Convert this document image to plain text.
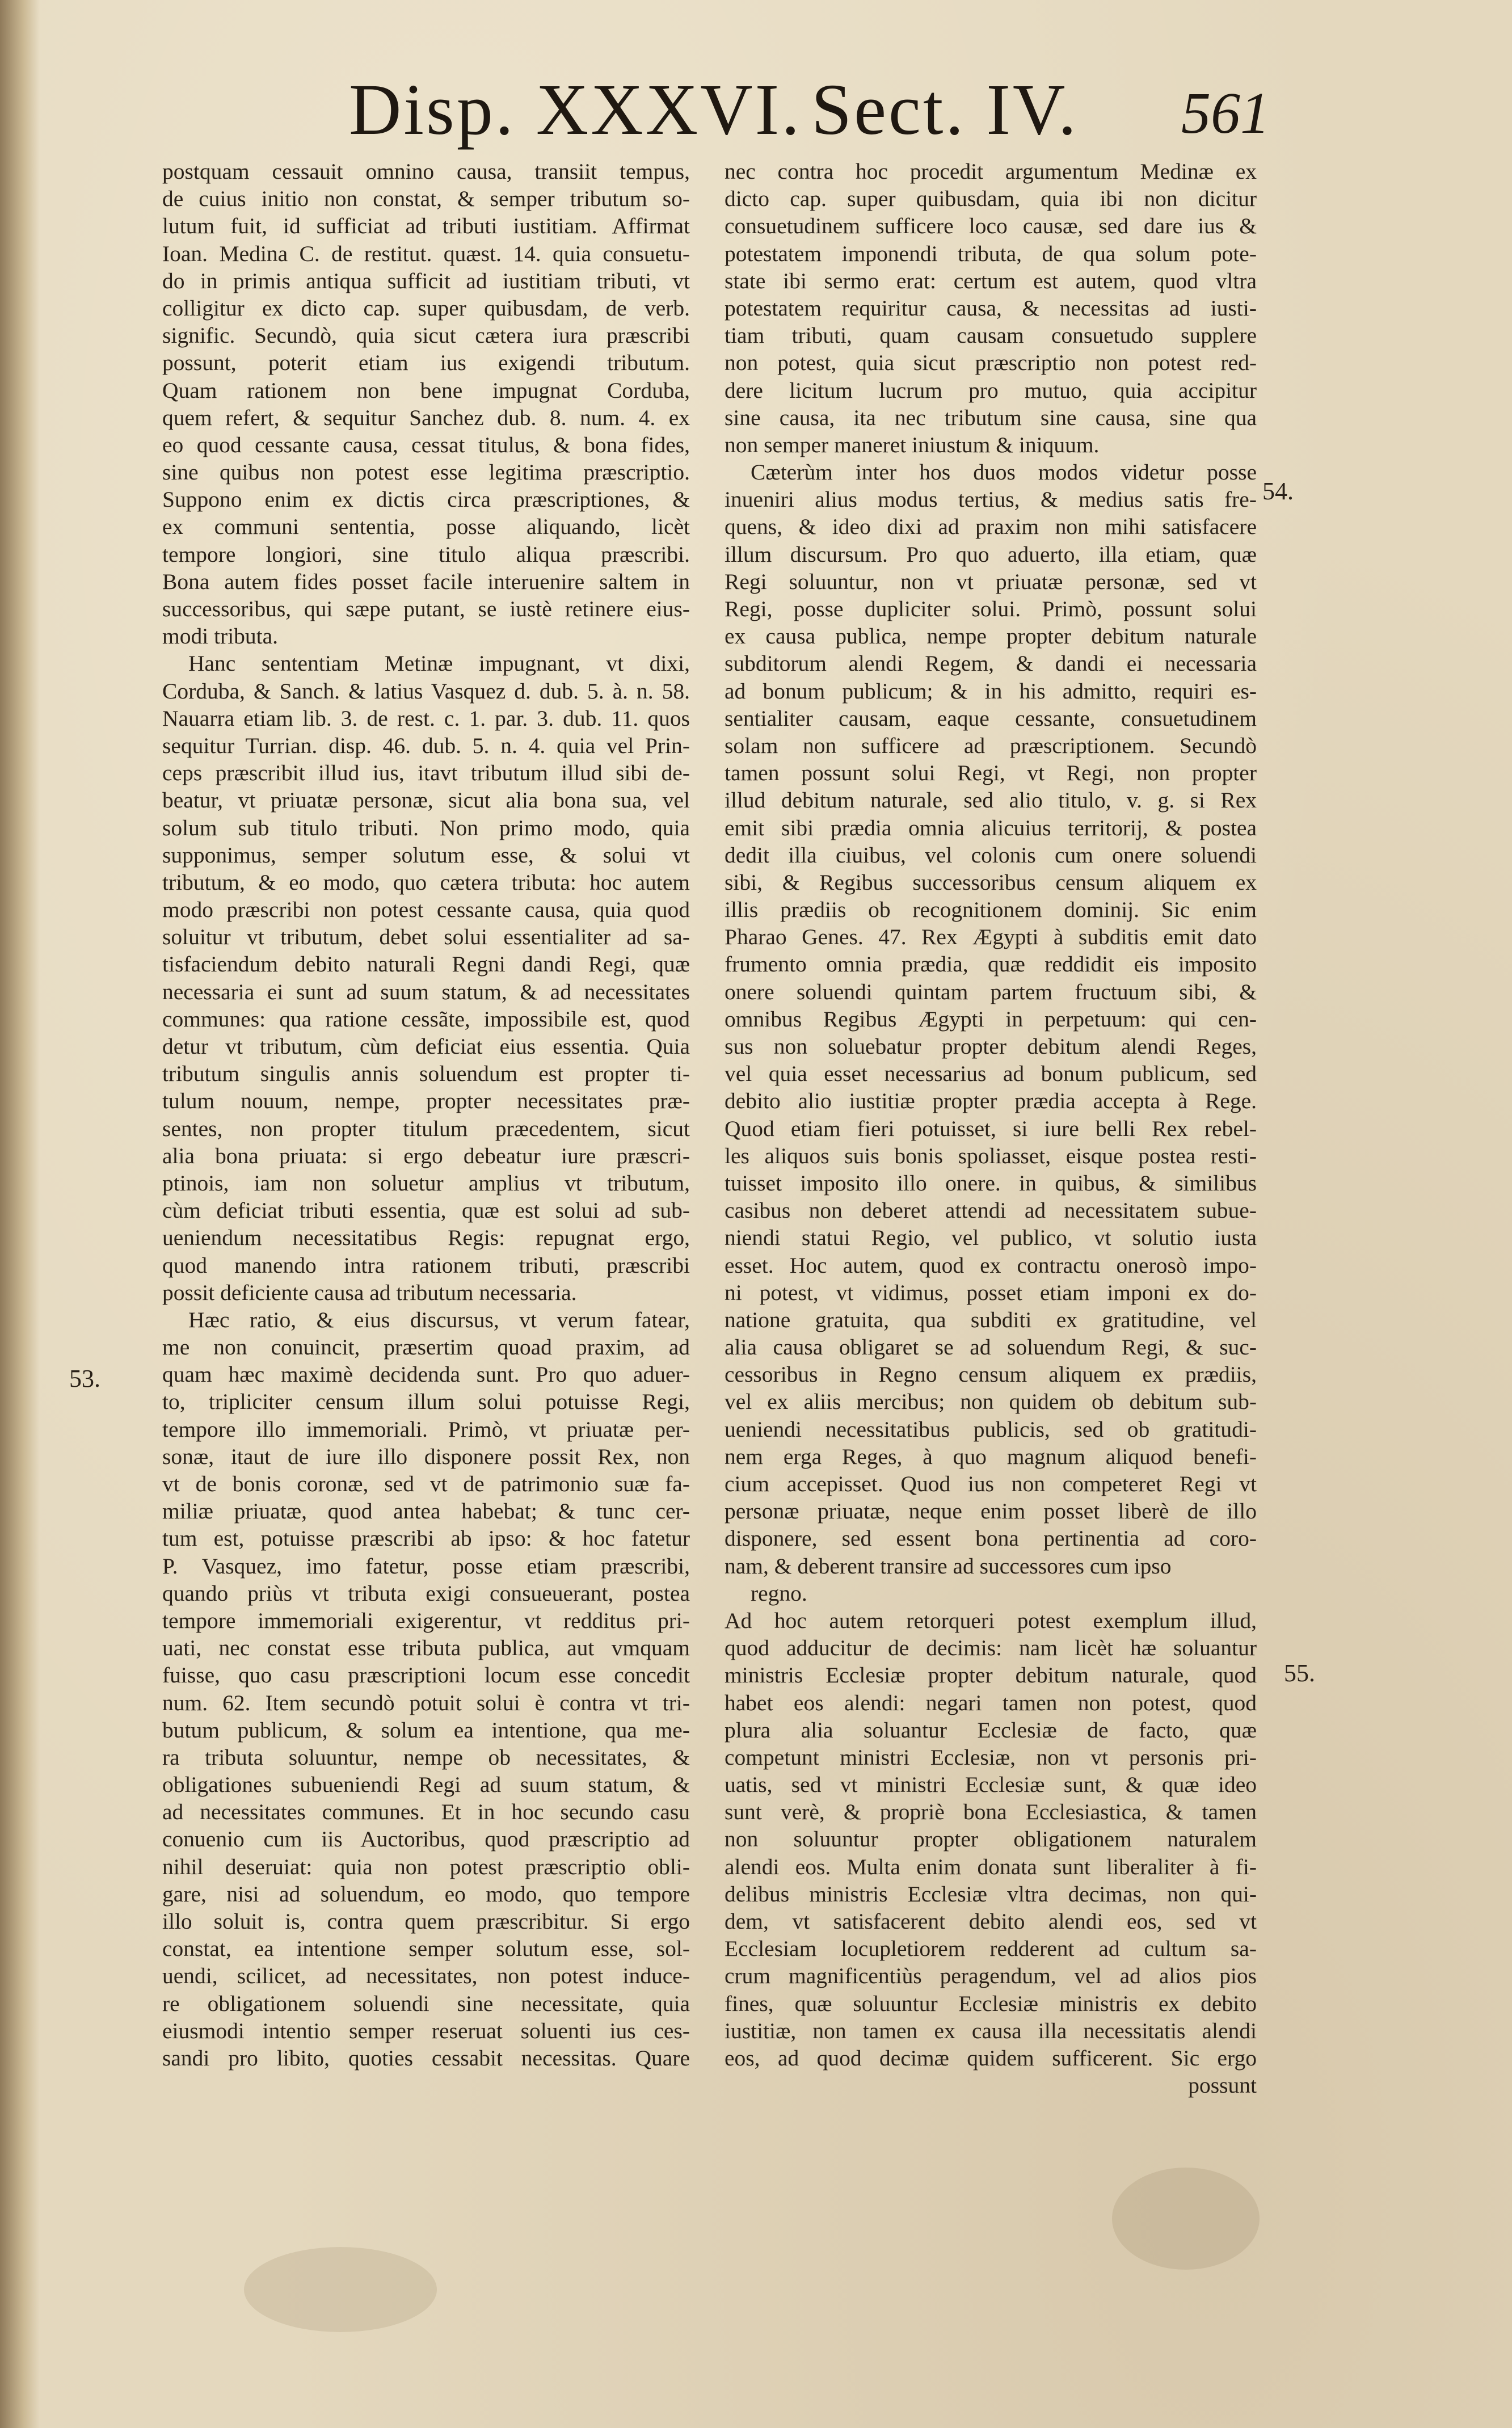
Disp. XXXVI. Sect. IV. 561
53.
54.
55.
postquam cessauit omnino causa, transiit tempus,
de cuius initio non constat, & semper tributum so-
lutum fuit, id sufficiat ad tributi iustitiam. Affirmat
Ioan. Medina C. de restitut. quæst. 14. quia consuetu-
do in primis antiqua sufficit ad iustitiam tributi, vt
colligitur ex dicto cap. super quibusdam, de verb.
signific. Secundò, quia sicut cætera iura præscribi
possunt, poterit etiam ius exigendi tributum.
Quam rationem non bene impugnat Corduba,
quem refert, & sequitur Sanchez dub. 8. num. 4. ex
eo quod cessante causa, cessat titulus, & bona fides,
sine quibus non potest esse legitima præscriptio.
Suppono enim ex dictis circa præscriptiones, &
ex communi sententia, posse aliquando, licèt
tempore longiori, sine titulo aliqua præscribi.
Bona autem fides posset facile interuenire saltem in
successoribus, qui sæpe putant, se iustè retinere eius-
modi tributa.
Hanc sententiam Metinæ impugnant, vt dixi,
Corduba, & Sanch. & latius Vasquez d. dub. 5. à. n. 58.
Nauarra etiam lib. 3. de rest. c. 1. par. 3. dub. 11. quos
sequitur Turrian. disp. 46. dub. 5. n. 4. quia vel Prin-
ceps præscribit illud ius, itavt tributum illud sibi de-
beatur, vt priuatæ personæ, sicut alia bona sua, vel
solum sub titulo tributi. Non primo modo, quia
supponimus, semper solutum esse, & solui vt
tributum, & eo modo, quo cætera tributa: hoc autem
modo præscribi non potest cessante causa, quia quod
soluitur vt tributum, debet solui essentialiter ad sa-
tisfaciendum debito naturali Regni dandi Regi, quæ
necessaria ei sunt ad suum statum, & ad necessitates
communes: qua ratione cessãte, impossibile est, quod
detur vt tributum, cùm deficiat eius essentia. Quia
tributum singulis annis soluendum est propter ti-
tulum nouum, nempe, propter necessitates præ-
sentes, non propter titulum præcedentem, sicut
alia bona priuata: si ergo debeatur iure præscri-
ptinois, iam non soluetur amplius vt tributum,
cùm deficiat tributi essentia, quæ est solui ad sub-
ueniendum necessitatibus Regis: repugnat ergo,
quod manendo intra rationem tributi, præscribi
possit deficiente causa ad tributum necessaria.
Hæc ratio, & eius discursus, vt verum fatear,
me non conuincit, præsertim quoad praxim, ad
quam hæc maximè decidenda sunt. Pro quo aduer-
to, tripliciter censum illum solui potuisse Regi,
tempore illo immemoriali. Primò, vt priuatæ per-
sonæ, itaut de iure illo disponere possit Rex, non
vt de bonis coronæ, sed vt de patrimonio suæ fa-
miliæ priuatæ, quod antea habebat; & tunc cer-
tum est, potuisse præscribi ab ipso: & hoc fatetur
P. Vasquez, imo fatetur, posse etiam præscribi,
quando priùs vt tributa exigi consueuerant, postea
tempore immemoriali exigerentur, vt redditus pri-
uati, nec constat esse tributa publica, aut vmquam
fuisse, quo casu præscriptioni locum esse concedit
num. 62. Item secundò potuit solui è contra vt tri-
butum publicum, & solum ea intentione, qua me-
ra tributa soluuntur, nempe ob necessitates, &
obligationes subueniendi Regi ad suum statum, &
ad necessitates communes. Et in hoc secundo casu
conuenio cum iis Auctoribus, quod præscriptio ad
nihil deseruiat: quia non potest præscriptio obli-
gare, nisi ad soluendum, eo modo, quo tempore
illo soluit is, contra quem præscribitur. Si ergo
constat, ea intentione semper solutum esse, sol-
uendi, scilicet, ad necessitates, non potest induce-
re obligationem soluendi sine necessitate, quia
eiusmodi intentio semper reseruat soluenti ius ces-
sandi pro libito, quoties cessabit necessitas. Quare
nec contra hoc procedit argumentum Medinæ ex
dicto cap. super quibusdam, quia ibi non dicitur
consuetudinem sufficere loco causæ, sed dare ius &
potestatem imponendi tributa, de qua solum pote-
state ibi sermo erat: certum est autem, quod vltra
potestatem requiritur causa, & necessitas ad iusti-
tiam tributi, quam causam consuetudo supplere
non potest, quia sicut præscriptio non potest red-
dere licitum lucrum pro mutuo, quia accipitur
sine causa, ita nec tributum sine causa, sine qua
non semper maneret iniustum & iniquum.
Cæterùm inter hos duos modos videtur posse
inueniri alius modus tertius, & medius satis fre-
quens, & ideo dixi ad praxim non mihi satisfacere
illum discursum. Pro quo aduerto, illa etiam, quæ
Regi soluuntur, non vt priuatæ personæ, sed vt
Regi, posse dupliciter solui. Primò, possunt solui
ex causa publica, nempe propter debitum naturale
subditorum alendi Regem, & dandi ei necessaria
ad bonum publicum; & in his admitto, requiri es-
sentialiter causam, eaque cessante, consuetudinem
solam non sufficere ad præscriptionem. Secundò
tamen possunt solui Regi, vt Regi, non propter
illud debitum naturale, sed alio titulo, v. g. si Rex
emit sibi prædia omnia alicuius territorij, & postea
dedit illa ciuibus, vel colonis cum onere soluendi
sibi, & Regibus successoribus censum aliquem ex
illis prædiis ob recognitionem dominij. Sic enim
Pharao Genes. 47. Rex Ægypti à subditis emit dato
frumento omnia prædia, quæ reddidit eis imposito
onere soluendi quintam partem fructuum sibi, &
omnibus Regibus Ægypti in perpetuum: qui cen-
sus non soluebatur propter debitum alendi Reges,
vel quia esset necessarius ad bonum publicum, sed
debito alio iustitiæ propter prædia accepta à Rege.
Quod etiam fieri potuisset, si iure belli Rex rebel-
les aliquos suis bonis spoliasset, eisque postea resti-
tuisset imposito illo onere. in quibus, & similibus
casibus non deberet attendi ad necessitatem subue-
niendi statui Regio, vel publico, vt solutio iusta
esset. Hoc autem, quod ex contractu onerosò impo-
ni potest, vt vidimus, posset etiam imponi ex do-
natione gratuita, qua subditi ex gratitudine, vel
alia causa obligaret se ad soluendum Regi, & suc-
cessoribus in Regno censum aliquem ex prædiis,
vel ex aliis mercibus; non quidem ob debitum sub-
ueniendi necessitatibus publicis, sed ob gratitudi-
nem erga Reges, à quo magnum aliquod benefi-
cium accepisset. Quod ius non competeret Regi vt
personæ priuatæ, neque enim posset liberè de illo
disponere, sed essent bona pertinentia ad coro-
nam, & deberent transire ad successores cum ipso
regno.
Ad hoc autem retorqueri potest exemplum illud,
quod adducitur de decimis: nam licèt hæ soluantur
ministris Ecclesiæ propter debitum naturale, quod
habet eos alendi: negari tamen non potest, quod
plura alia soluantur Ecclesiæ de facto, quæ
competunt ministri Ecclesiæ, non vt personis pri-
uatis, sed vt ministri Ecclesiæ sunt, & quæ ideo
sunt verè, & propriè bona Ecclesiastica, & tamen
non soluuntur propter obligationem naturalem
alendi eos. Multa enim donata sunt liberaliter à fi-
delibus ministris Ecclesiæ vltra decimas, non qui-
dem, vt satisfacerent debito alendi eos, sed vt
Ecclesiam locupletiorem redderent ad cultum sa-
crum magnificentiùs peragendum, vel ad alios pios
fines, quæ soluuntur Ecclesiæ ministris ex debito
iustitiæ, non tamen ex causa illa necessitatis alendi
eos, ad quod decimæ quidem sufficerent. Sic ergo
possunt
